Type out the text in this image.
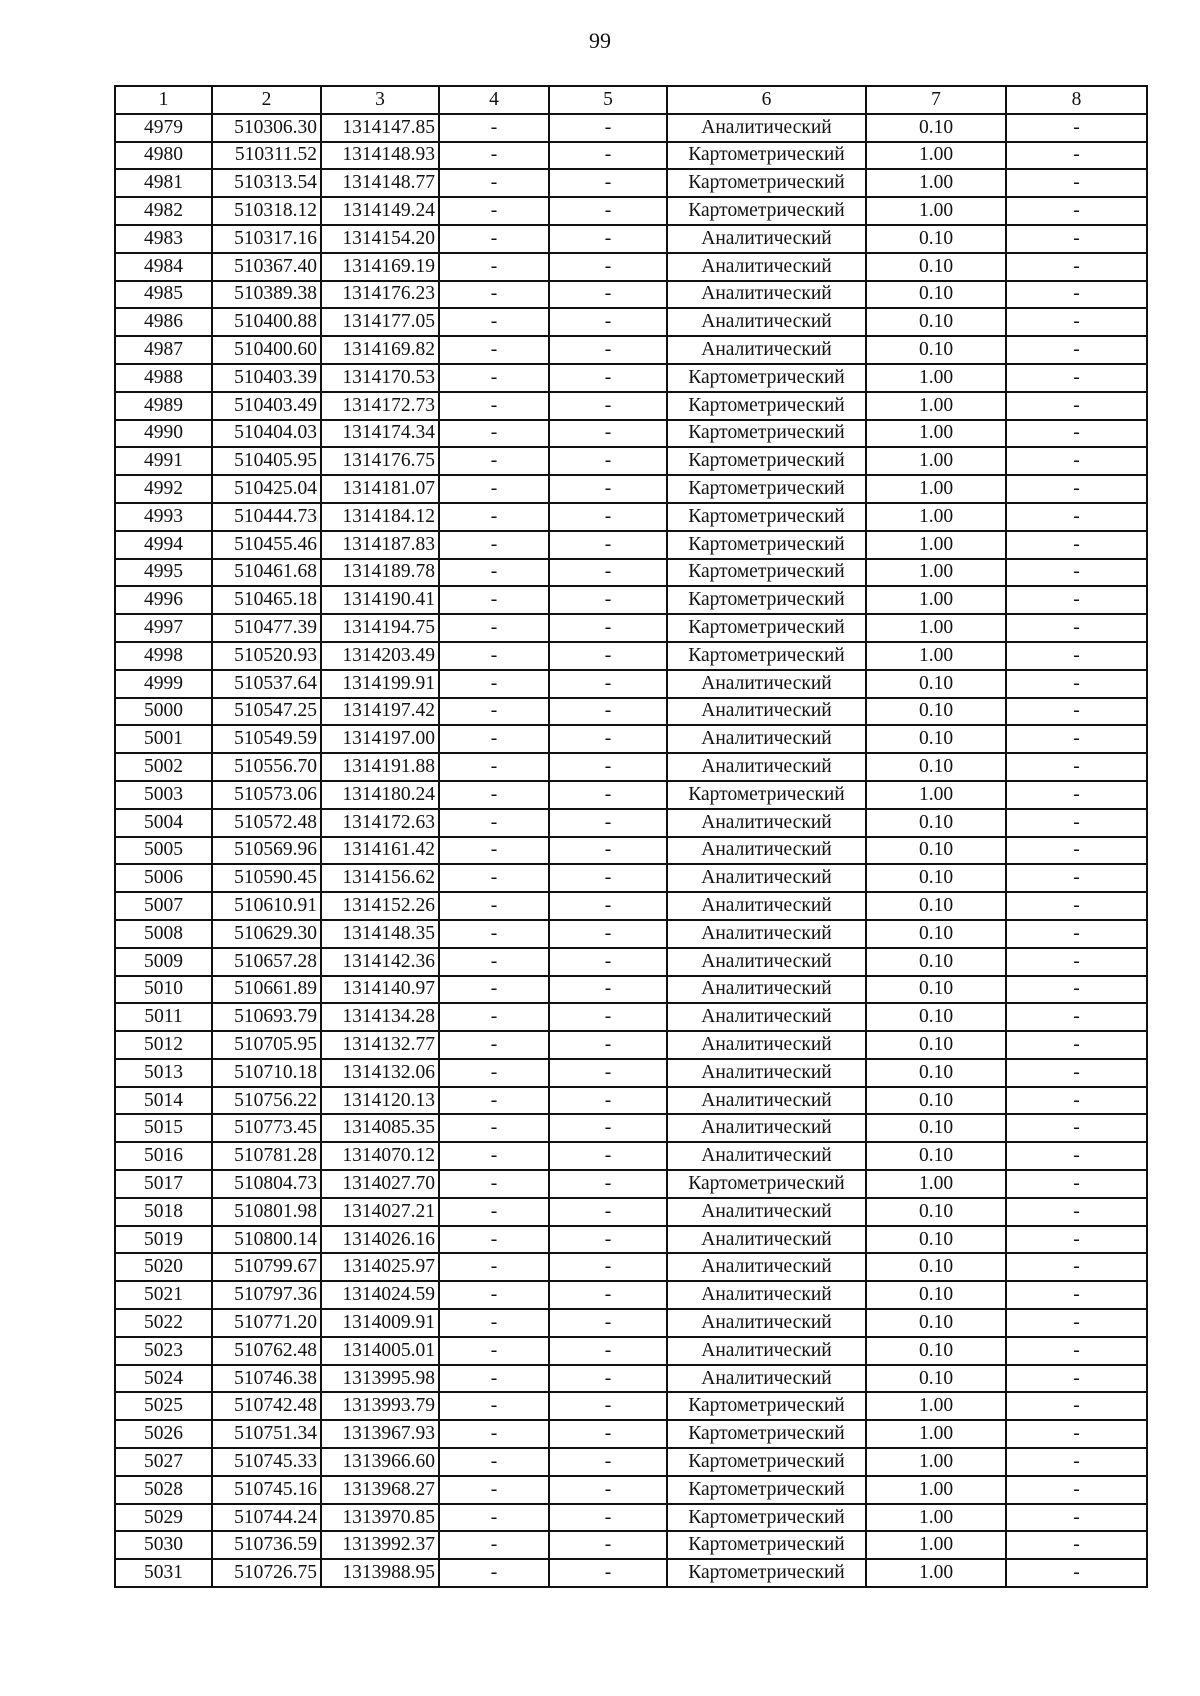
99
1	2	3	4	5	6	7	8
4979	510306.30	1314147.85	-	-	Аналитический	0.10	-
4980	510311.52	1314148.93	-	-	Картометрический	1.00	-
4981	510313.54	1314148.77	-	-	Картометрический	1.00	-
4982	510318.12	1314149.24	-	-	Картометрический	1.00	-
4983	510317.16	1314154.20	-	-	Аналитический	0.10	-
4984	510367.40	1314169.19	-	-	Аналитический	0.10	-
4985	510389.38	1314176.23	-	-	Аналитический	0.10	-
4986	510400.88	1314177.05	-	-	Аналитический	0.10	-
4987	510400.60	1314169.82	-	-	Аналитический	0.10	-
4988	510403.39	1314170.53	-	-	Картометрический	1.00	-
4989	510403.49	1314172.73	-	-	Картометрический	1.00	-
4990	510404.03	1314174.34	-	-	Картометрический	1.00	-
4991	510405.95	1314176.75	-	-	Картометрический	1.00	-
4992	510425.04	1314181.07	-	-	Картометрический	1.00	-
4993	510444.73	1314184.12	-	-	Картометрический	1.00	-
4994	510455.46	1314187.83	-	-	Картометрический	1.00	-
4995	510461.68	1314189.78	-	-	Картометрический	1.00	-
4996	510465.18	1314190.41	-	-	Картометрический	1.00	-
4997	510477.39	1314194.75	-	-	Картометрический	1.00	-
4998	510520.93	1314203.49	-	-	Картометрический	1.00	-
4999	510537.64	1314199.91	-	-	Аналитический	0.10	-
5000	510547.25	1314197.42	-	-	Аналитический	0.10	-
5001	510549.59	1314197.00	-	-	Аналитический	0.10	-
5002	510556.70	1314191.88	-	-	Аналитический	0.10	-
5003	510573.06	1314180.24	-	-	Картометрический	1.00	-
5004	510572.48	1314172.63	-	-	Аналитический	0.10	-
5005	510569.96	1314161.42	-	-	Аналитический	0.10	-
5006	510590.45	1314156.62	-	-	Аналитический	0.10	-
5007	510610.91	1314152.26	-	-	Аналитический	0.10	-
5008	510629.30	1314148.35	-	-	Аналитический	0.10	-
5009	510657.28	1314142.36	-	-	Аналитический	0.10	-
5010	510661.89	1314140.97	-	-	Аналитический	0.10	-
5011	510693.79	1314134.28	-	-	Аналитический	0.10	-
5012	510705.95	1314132.77	-	-	Аналитический	0.10	-
5013	510710.18	1314132.06	-	-	Аналитический	0.10	-
5014	510756.22	1314120.13	-	-	Аналитический	0.10	-
5015	510773.45	1314085.35	-	-	Аналитический	0.10	-
5016	510781.28	1314070.12	-	-	Аналитический	0.10	-
5017	510804.73	1314027.70	-	-	Картометрический	1.00	-
5018	510801.98	1314027.21	-	-	Аналитический	0.10	-
5019	510800.14	1314026.16	-	-	Аналитический	0.10	-
5020	510799.67	1314025.97	-	-	Аналитический	0.10	-
5021	510797.36	1314024.59	-	-	Аналитический	0.10	-
5022	510771.20	1314009.91	-	-	Аналитический	0.10	-
5023	510762.48	1314005.01	-	-	Аналитический	0.10	-
5024	510746.38	1313995.98	-	-	Аналитический	0.10	-
5025	510742.48	1313993.79	-	-	Картометрический	1.00	-
5026	510751.34	1313967.93	-	-	Картометрический	1.00	-
5027	510745.33	1313966.60	-	-	Картометрический	1.00	-
5028	510745.16	1313968.27	-	-	Картометрический	1.00	-
5029	510744.24	1313970.85	-	-	Картометрический	1.00	-
5030	510736.59	1313992.37	-	-	Картометрический	1.00	-
5031	510726.75	1313988.95	-	-	Картометрический	1.00	-
